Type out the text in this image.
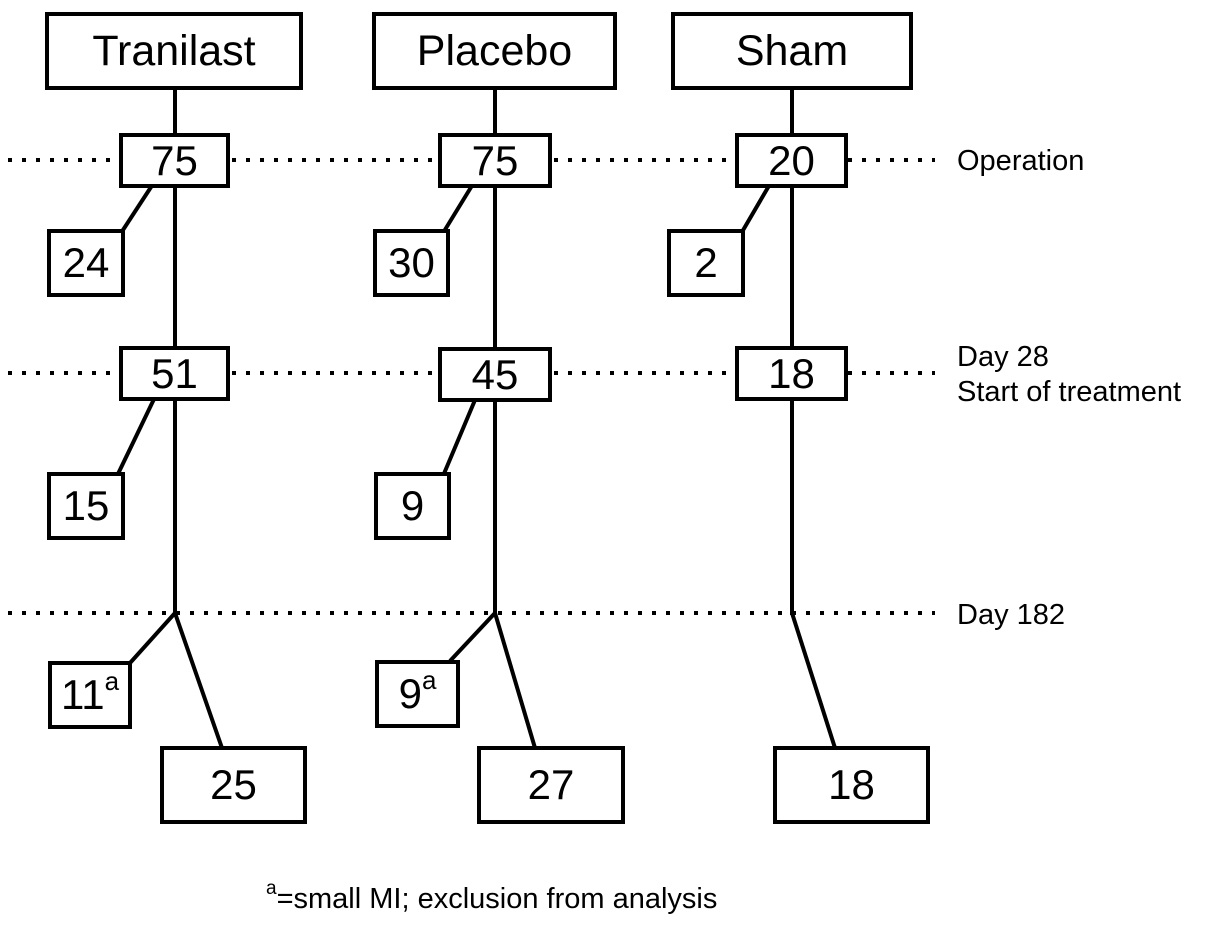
Tranilast	Placebo	Sham
75	75	20
24	30	2
51	45	18
15	9
11 a	9 a
25	27	18
Operation
Day 28
Start of treatment
Day 182
$^a$=small MI; exclusion from analysis
